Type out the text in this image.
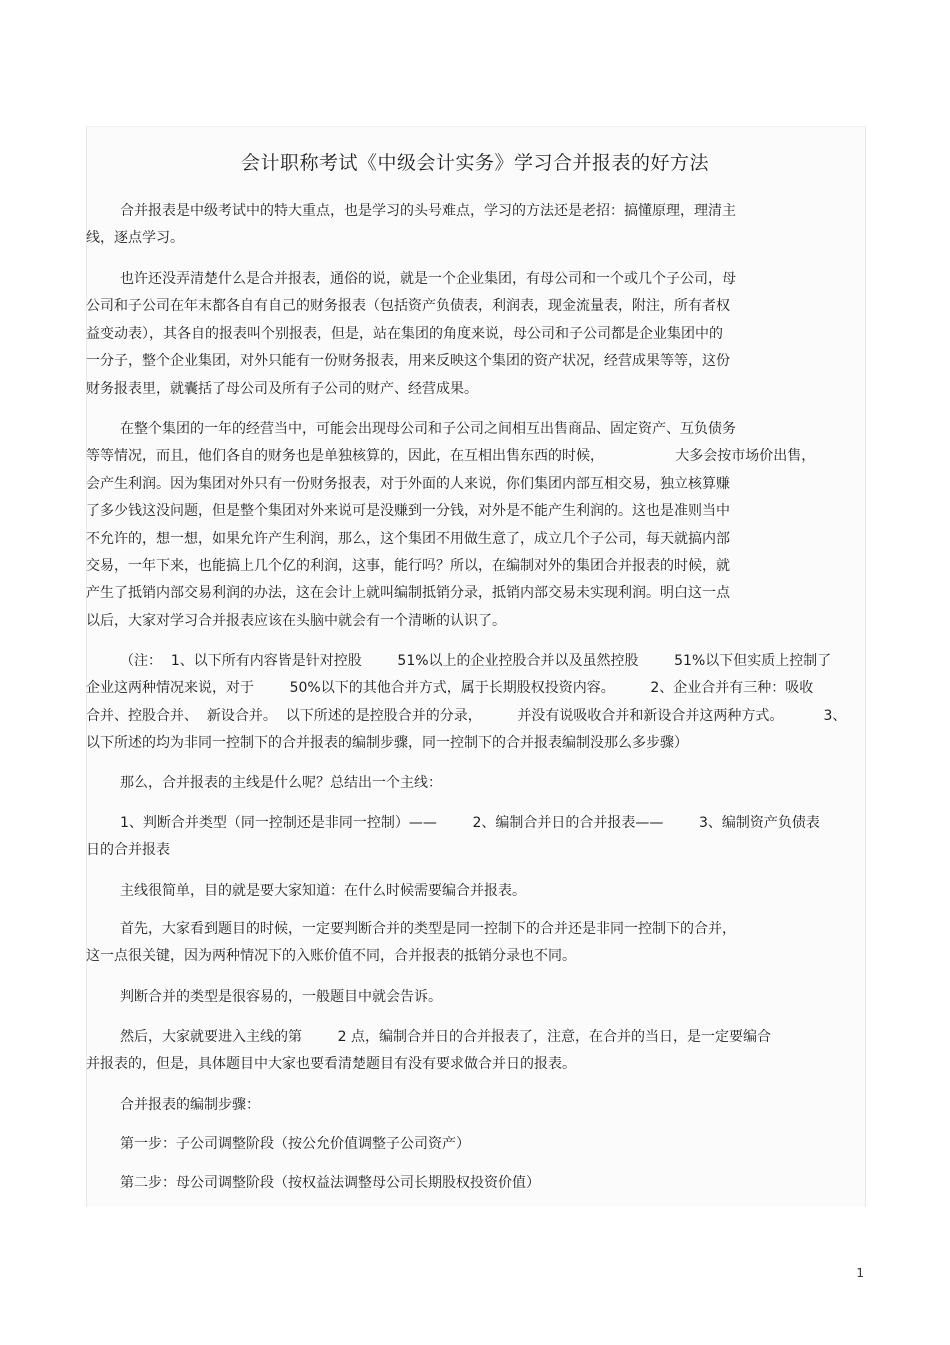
会计职称考试《中级会计实务》学习合并报表的好方法

合并报表是中级考试中的特大重点，也是学习的头号难点，学习的方法还是老招：搞懂原理，理清主

线，逐点学习。

也许还没弄清楚什么是合并报表，通俗的说，就是一个企业集团，有母公司和一个或几个子公司，母

公司和子公司在年末都各自有自己的财务报表（包括资产负债表，利润表，现金流量表，附注，所有者权

益变动表），其各自的报表叫个别报表，但是，站在集团的角度来说，母公司和子公司都是企业集团中的

一分子，整个企业集团，对外只能有一份财务报表，用来反映这个集团的资产状况，经营成果等等，这份

财务报表里，就囊括了母公司及所有子公司的财产、经营成果。

在整个集团的一年的经营当中，可能会出现母公司和子公司之间相互出售商品、固定资产、互负债务

等等情况，而且，他们各自的财务也是单独核算的，因此，在互相出售东西的时候，                大多会按市场价出售，

会产生利润。因为集团对外只有一份财务报表，对于外面的人来说，你们集团内部互相交易，独立核算赚

了多少钱这没问题，但是整个集团对外来说可是没赚到一分钱，对外是不能产生利润的。这也是准则当中

不允许的，想一想，如果允许产生利润，那么，这个集团不用做生意了，成立几个子公司，每天就搞内部

交易，一年下来，也能搞上几个亿的利润，这事，能行吗？所以，在编制对外的集团合并报表的时候，就

产生了抵销内部交易利润的办法，这在会计上就叫编制抵销分录，抵销内部交易未实现利润。明白这一点

以后，大家对学习合并报表应该在头脑中就会有一个清晰的认识了。

（注：  1、以下所有内容皆是针对控股        51%以上的企业控股合并以及虽然控股        51%以下但实质上控制了

企业这两种情况来说，对于        50%以下的其他合并方式，属于长期股权投资内容。        2、企业合并有三种：吸收

合并、控股合并、  新设合并。  以下所述的是控股合并的分录，        并没有说吸收合并和新设合并这两种方式。         3、

以下所述的均为非同一控制下的合并报表的编制步骤，同一控制下的合并报表编制没那么多步骤）

那么，合并报表的主线是什么呢？总结出一个主线：

1、判断合并类型（同一控制还是非同一控制）——        2、编制合并日的合并报表——        3、编制资产负债表

日的合并报表

主线很简单，目的就是要大家知道：在什么时候需要编合并报表。

首先，大家看到题目的时候，一定要判断合并的类型是同一控制下的合并还是非同一控制下的合并，

这一点很关键，因为两种情况下的入账价值不同，合并报表的抵销分录也不同。

判断合并的类型是很容易的，一般题目中就会告诉。

然后，大家就要进入主线的第        2 点，编制合并日的合并报表了，注意，在合并的当日，是一定要编合

并报表的，但是，具体题目中大家也要看清楚题目有没有要求做合并日的报表。

合并报表的编制步骤：

第一步：子公司调整阶段（按公允价值调整子公司资产）

第二步：母公司调整阶段（按权益法调整母公司长期股权投资价值）

1
